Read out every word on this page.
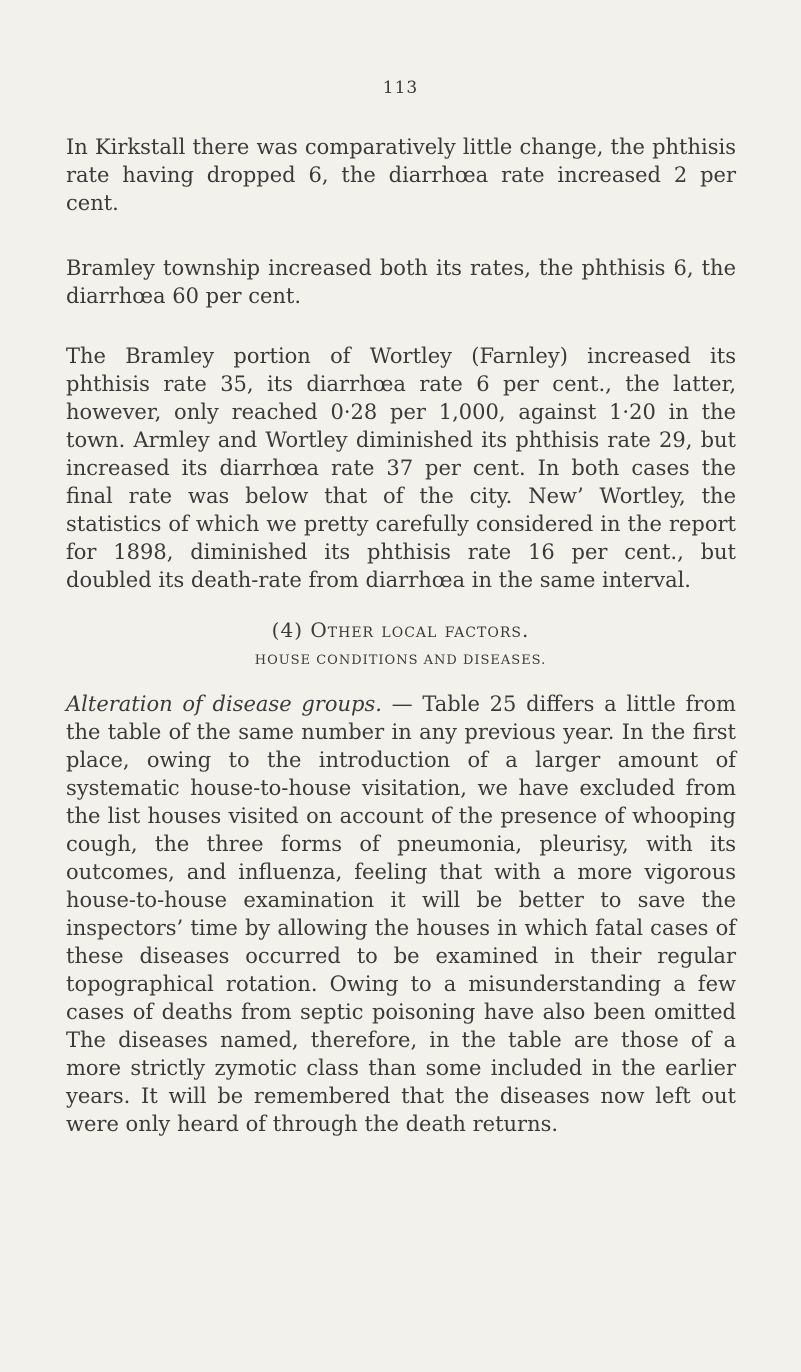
113

In Kirkstall there was comparatively little change, the phthisis rate having dropped 6, the diarrhœa rate increased 2 per cent.

Bramley township increased both its rates, the phthisis 6, the diarrhœa 60 per cent.

The Bramley portion of Wortley (Farnley) increased its phthisis rate 35, its diarrhœa rate 6 per cent., the latter, however, only reached 0·28 per 1,000, against 1·20 in the town. Armley and Wortley diminished its phthisis rate 29, but increased its diarrhœa rate 37 per cent. In both cases the final rate was below that of the city. New’ Wortley, the statistics of which we pretty carefully considered in the report for 1898, diminished its phthisis rate 16 per cent., but doubled its death-rate from diarrhœa in the same interval.

(4) Other local factors.
HOUSE CONDITIONS AND DISEASES.

Alteration of disease groups. — Table 25 differs a little from the table of the same number in any previous year. In the first place, owing to the introduction of a larger amount of systematic house-to-house visitation, we have excluded from the list houses visited on account of the presence of whooping cough, the three forms of pneumonia, pleurisy, with its outcomes, and influenza, feeling that with a more vigorous house-to-house examination it will be better to save the inspectors’ time by allowing the houses in which fatal cases of these diseases occurred to be examined in their regular topographical rotation. Owing to a misunderstanding a few cases of deaths from septic poisoning have also been omitted The diseases named, therefore, in the table are those of a more strictly zymotic class than some included in the earlier years. It will be remembered that the diseases now left out were only heard of through the death returns.
